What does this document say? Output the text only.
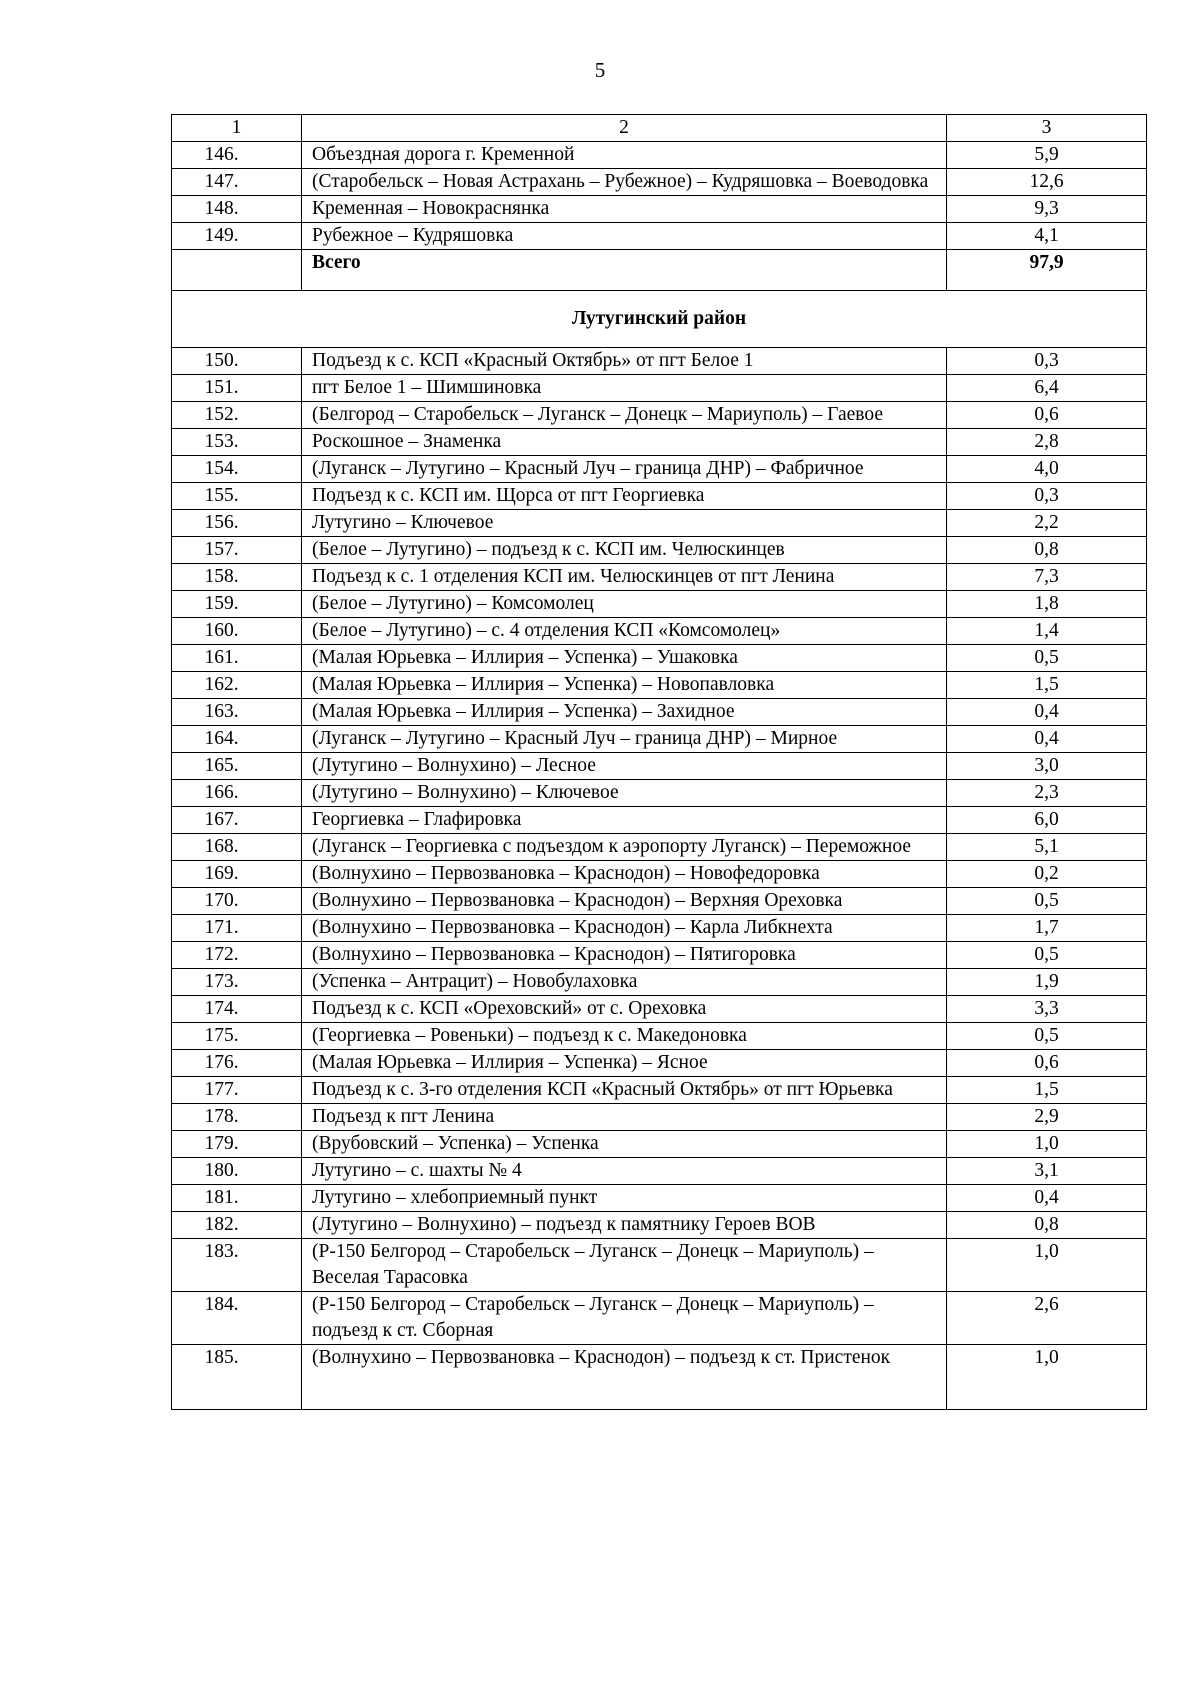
5
1	2	3
146.	Объездная дорога г. Кременной	5,9
147.	(Старобельск – Новая Астрахань – Рубежное) – Кудряшовка – Воеводовка	12,6
148.	Кременная – Новокраснянка	9,3
149.	Рубежное – Кудряшовка	4,1
	Всего	97,9
Лутугинский район		
150.	Подъезд к с. КСП «Красный Октябрь» от пгт Белое 1	0,3
151.	пгт Белое 1 – Шимшиновка	6,4
152.	(Белгород – Старобельск – Луганск – Донецк – Мариуполь) – Гаевое	0,6
153.	Роскошное – Знаменка	2,8
154.	(Луганск – Лутугино – Красный Луч – граница ДНР) – Фабричное	4,0
155.	Подъезд к с. КСП им. Щорса от пгт Георгиевка	0,3
156.	Лутугино – Ключевое	2,2
157.	(Белое – Лутугино) – подъезд к с. КСП им. Челюскинцев	0,8
158.	Подъезд к с. 1 отделения КСП им. Челюскинцев от пгт Ленина	7,3
159.	(Белое – Лутугино) – Комсомолец	1,8
160.	(Белое – Лутугино) – с. 4 отделения КСП «Комсомолец»	1,4
161.	(Малая Юрьевка – Иллирия – Успенка) – Ушаковка	0,5
162.	(Малая Юрьевка – Иллирия – Успенка) – Новопавловка	1,5
163.	(Малая Юрьевка – Иллирия – Успенка) – Захидное	0,4
164.	(Луганск – Лутугино – Красный Луч – граница ДНР) – Мирное	0,4
165.	(Лутугино – Волнухино) – Лесное	3,0
166.	(Лутугино – Волнухино) – Ключевое	2,3
167.	Георгиевка – Глафировка	6,0
168.	(Луганск – Георгиевка с подъездом к аэропорту Луганск) – Переможное	5,1
169.	(Волнухино – Первозвановка – Краснодон) – Новофедоровка	0,2
170.	(Волнухино – Первозвановка – Краснодон) – Верхняя Ореховка	0,5
171.	(Волнухино – Первозвановка – Краснодон) – Карла Либкнехта	1,7
172.	(Волнухино – Первозвановка – Краснодон) – Пятигоровка	0,5
173.	(Успенка – Антрацит) – Новобулаховка	1,9
174.	Подъезд к с. КСП «Ореховский» от с. Ореховка	3,3
175.	(Георгиевка – Ровеньки) – подъезд к с. Македоновка	0,5
176.	(Малая Юрьевка – Иллирия – Успенка) – Ясное	0,6
177.	Подъезд к с. 3-го отделения КСП «Красный Октябрь» от пгт Юрьевка	1,5
178.	Подъезд к пгт Ленина	2,9
179.	(Врубовский – Успенка) – Успенка	1,0
180.	Лутугино – с. шахты № 4	3,1
181.	Лутугино – хлебоприемный пункт	0,4
182.	(Лутугино – Волнухино) – подъезд к памятнику Героев ВОВ	0,8
183.	(Р-150 Белгород – Старобельск – Луганск – Донецк – Мариуполь) – Веселая Тарасовка	1,0
184.	(Р-150 Белгород – Старобельск – Луганск – Донецк – Мариуполь) – подъезд к ст. Сборная	2,6
185.	(Волнухино – Первозвановка – Краснодон) – подъезд к ст. Пристенок	1,0
